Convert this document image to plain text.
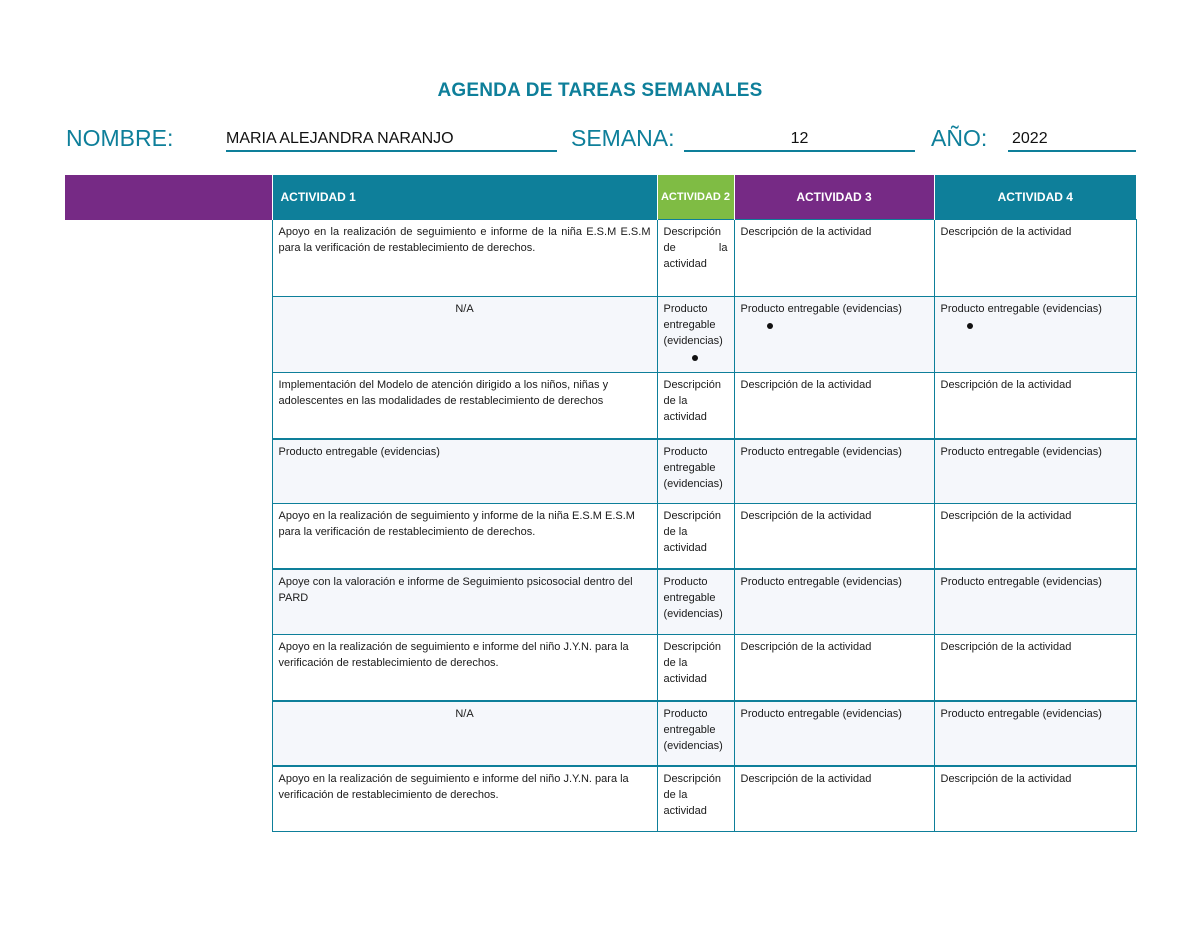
AGENDA DE TAREAS SEMANALES
NOMBRE:	MARIA ALEJANDRA NARANJO	SEMANA:	12	AÑO: 2022
	ACTIVIDAD 1	ACTIVIDAD 2	ACTIVIDAD 3	ACTIVIDAD 4
	Apoyo en la realización de seguimiento e informe de la niña E.S.M E.S.M para la verificación de restablecimiento de derechos.	Descripción de la actividad	Descripción de la actividad	Descripción de la actividad
	N/A	Producto entregable (evidencias)	Producto entregable (evidencias)	Producto entregable (evidencias)

	Implementación del Modelo de atención dirigido a los niños, niñas y adolescentes en las modalidades de restablecimiento de derechos	Descripción de la actividad	Descripción de la actividad	Descripción de la actividad
	Producto entregable (evidencias)	Producto entregable (evidencias)	Producto entregable (evidencias)	Producto entregable (evidencias)
	Apoyo en la realización de seguimiento y informe de la niña E.S.M E.S.M para la verificación de restablecimiento de derechos.	Descripción de la actividad	Descripción de la actividad	Descripción de la actividad
	Apoye con la valoración e informe de Seguimiento psicosocial dentro del PARD	Producto entregable (evidencias)	Producto entregable (evidencias)	Producto entregable (evidencias)
	Apoyo en la realización de seguimiento e informe del niño J.Y.N. para la verificación de restablecimiento de derechos.	Descripción de la actividad	Descripción de la actividad	Descripción de la actividad
	N/A	Producto entregable (evidencias)	Producto entregable (evidencias)	Producto entregable (evidencias)
	Apoyo en la realización de seguimiento e informe del niño J.Y.N. para la verificación de restablecimiento de derechos.	Descripción de la actividad	Descripción de la actividad	Descripción de la actividad
